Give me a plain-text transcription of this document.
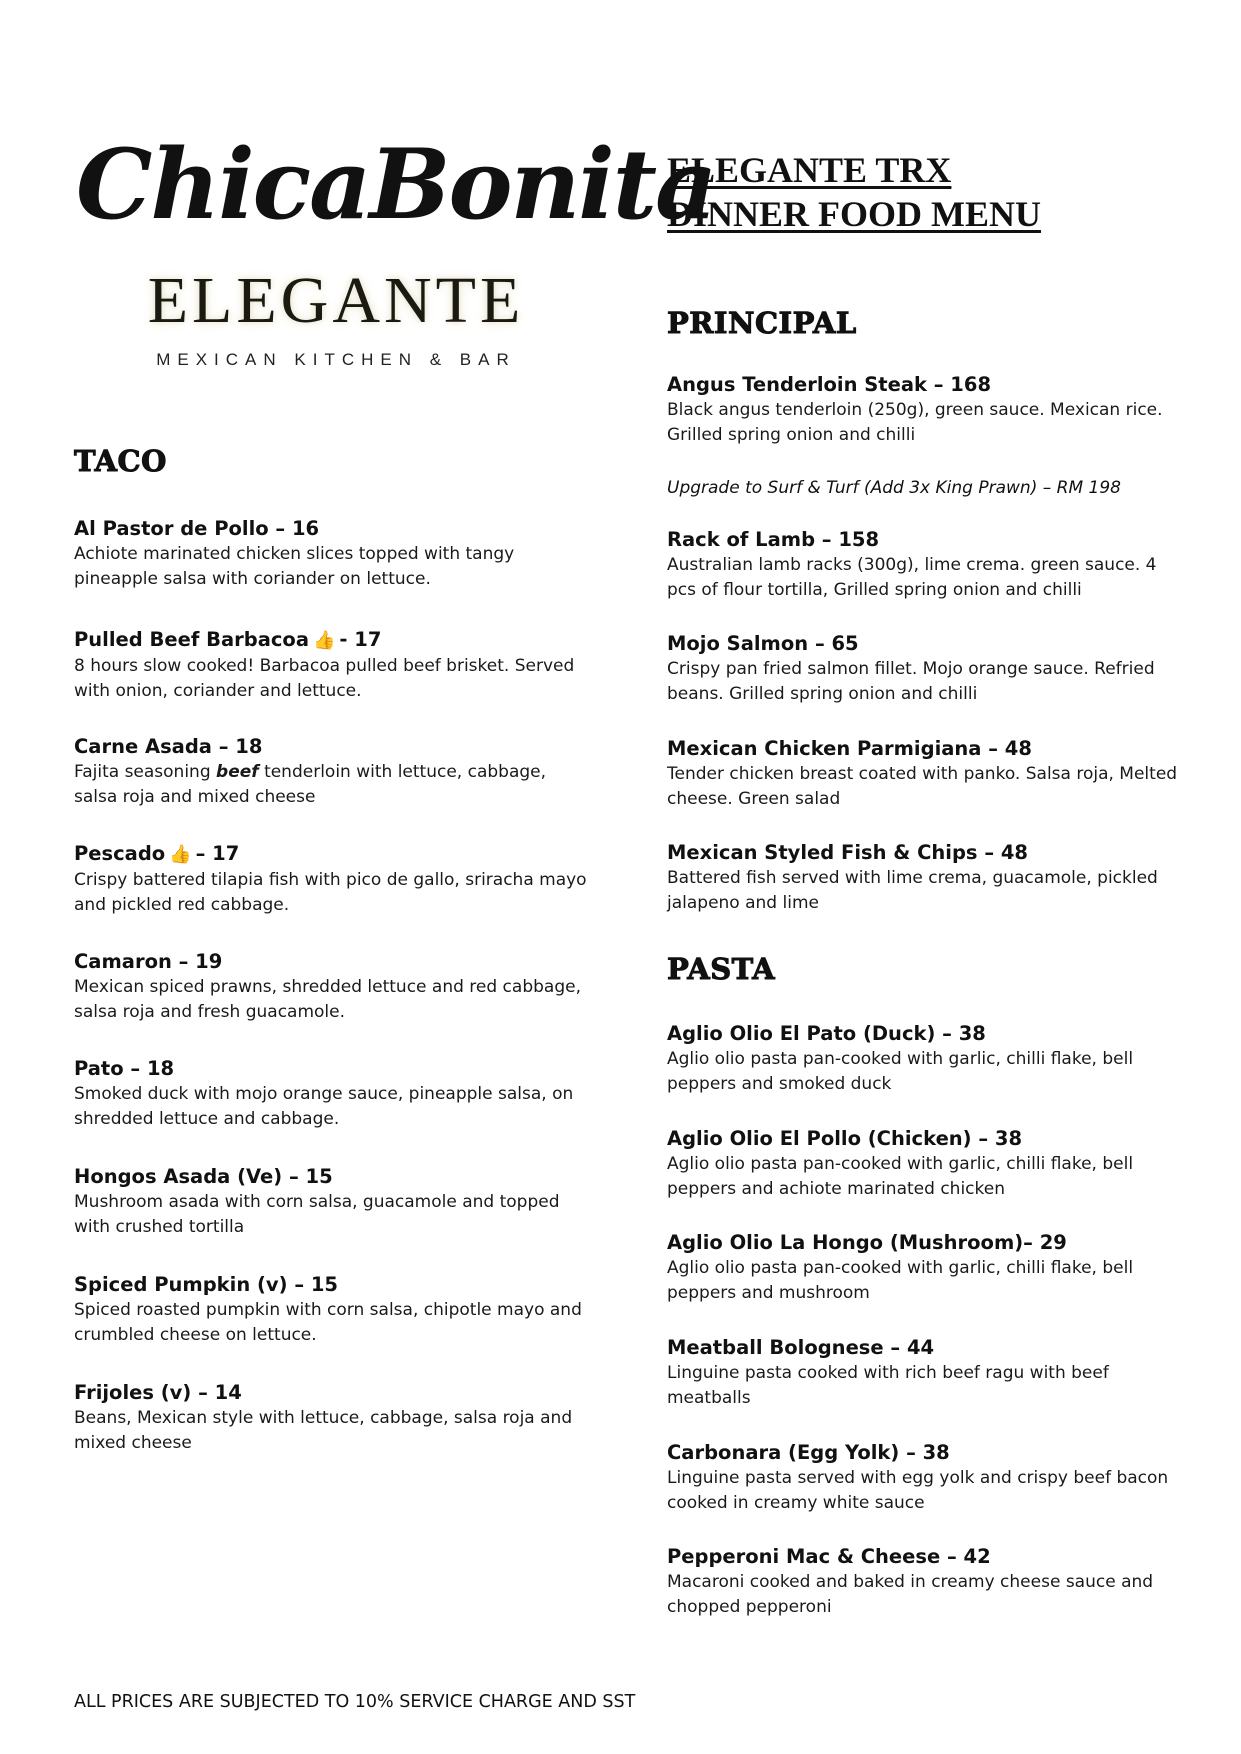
ChicaBonita
ELEGANTE
MEXICAN KITCHEN & BAR
ELEGANTE TRX
DINNER FOOD MENU
TACO
Al Pastor de Pollo – 16
Achiote marinated chicken slices topped with tangy pineapple salsa with coriander on lettuce.
Pulled Beef Barbacoa 👍 - 17
8 hours slow cooked! Barbacoa pulled beef brisket. Served with onion, coriander and lettuce.
Carne Asada – 18
Fajita seasoning beef tenderloin with lettuce, cabbage, salsa roja and mixed cheese
Pescado 👍 – 17
Crispy battered tilapia fish with pico de gallo, sriracha mayo and pickled red cabbage.
Camaron – 19
Mexican spiced prawns, shredded lettuce and red cabbage, salsa roja and fresh guacamole.
Pato – 18
Smoked duck with mojo orange sauce, pineapple salsa, on shredded lettuce and cabbage.
Hongos Asada (Ve) – 15
Mushroom asada with corn salsa, guacamole and topped with crushed tortilla
Spiced Pumpkin (v) – 15
Spiced roasted pumpkin with corn salsa, chipotle mayo and crumbled cheese on lettuce.
Frijoles (v) – 14
Beans, Mexican style with lettuce, cabbage, salsa roja and mixed cheese
PRINCIPAL
Angus Tenderloin Steak – 168
Black angus tenderloin (250g), green sauce. Mexican rice. Grilled spring onion and chilli
Upgrade to Surf & Turf (Add 3x King Prawn) – RM 198
Rack of Lamb – 158
Australian lamb racks (300g), lime crema. green sauce. 4 pcs of flour tortilla, Grilled spring onion and chilli
Mojo Salmon – 65
Crispy pan fried salmon fillet. Mojo orange sauce. Refried beans. Grilled spring onion and chilli
Mexican Chicken Parmigiana – 48
Tender chicken breast coated with panko. Salsa roja, Melted cheese. Green salad
Mexican Styled Fish & Chips – 48
Battered fish served with lime crema, guacamole, pickled jalapeno and lime
PASTA
Aglio Olio El Pato (Duck) – 38
Aglio olio pasta pan-cooked with garlic, chilli flake, bell peppers and smoked duck
Aglio Olio El Pollo (Chicken) – 38
Aglio olio pasta pan-cooked with garlic, chilli flake, bell peppers and achiote marinated chicken
Aglio Olio La Hongo (Mushroom)– 29
Aglio olio pasta pan-cooked with garlic, chilli flake, bell peppers and mushroom
Meatball Bolognese – 44
Linguine pasta cooked with rich beef ragu with beef meatballs
Carbonara (Egg Yolk) – 38
Linguine pasta served with egg yolk and crispy beef bacon cooked in creamy white sauce
Pepperoni Mac & Cheese – 42
Macaroni cooked and baked in creamy cheese sauce and chopped pepperoni

ALL PRICES ARE SUBJECTED TO 10% SERVICE CHARGE AND SST
